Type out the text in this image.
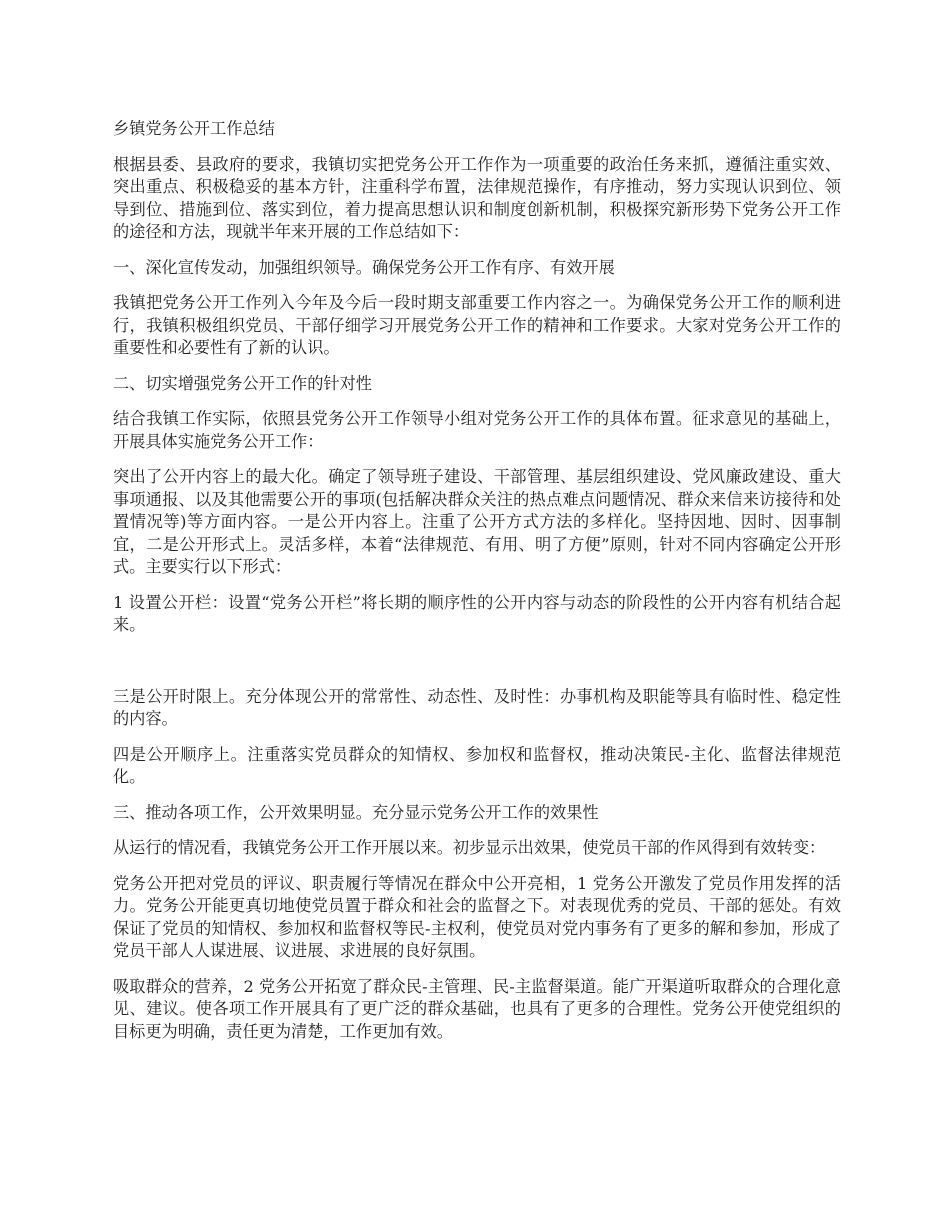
乡镇党务公开工作总结
根据县委、县政府的要求，我镇切实把党务公开工作作为一项重要的政治任务来抓，遵循注重实效、突出重点、积极稳妥的基本方针，注重科学布置，法律规范操作，有序推动，努力实现认识到位、领导到位、措施到位、落实到位，着力提高思想认识和制度创新机制，积极探究新形势下党务公开工作的途径和方法，现就半年来开展的工作总结如下：
一、深化宣传发动，加强组织领导。确保党务公开工作有序、有效开展
我镇把党务公开工作列入今年及今后一段时期支部重要工作内容之一。为确保党务公开工作的顺利进行，我镇积极组织党员、干部仔细学习开展党务公开工作的精神和工作要求。大家对党务公开工作的重要性和必要性有了新的认识。
二、切实增强党务公开工作的针对性
结合我镇工作实际，依照县党务公开工作领导小组对党务公开工作的具体布置。征求意见的基础上，开展具体实施党务公开工作：
突出了公开内容上的最大化。确定了领导班子建设、干部管理、基层组织建设、党风廉政建设、重大事项通报、以及其他需要公开的事项(包括解决群众关注的热点难点问题情况、群众来信来访接待和处置情况等)等方面内容。一是公开内容上。注重了公开方式方法的多样化。坚持因地、因时、因事制宜，二是公开形式上。灵活多样，本着“法律规范、有用、明了方便”原则，针对不同内容确定公开形式。主要实行以下形式：
1 设置公开栏：设置“党务公开栏”将长期的顺序性的公开内容与动态的阶段性的公开内容有机结合起来。
三是公开时限上。充分体现公开的常常性、动态性、及时性：办事机构及职能等具有临时性、稳定性的内容。
四是公开顺序上。注重落实党员群众的知情权、参加权和监督权，推动决策民-主化、监督法律规范化。
三、推动各项工作，公开效果明显。充分显示党务公开工作的效果性
从运行的情况看，我镇党务公开工作开展以来。初步显示出效果，使党员干部的作风得到有效转变：
党务公开把对党员的评议、职责履行等情况在群众中公开亮相，1 党务公开激发了党员作用发挥的活力。党务公开能更真切地使党员置于群众和社会的监督之下。对表现优秀的党员、干部的惩处。有效保证了党员的知情权、参加权和监督权等民-主权利，使党员对党内事务有了更多的解和参加，形成了党员干部人人谋进展、议进展、求进展的良好氛围。
吸取群众的营养，2 党务公开拓宽了群众民-主管理、民-主监督渠道。能广开渠道听取群众的合理化意见、建议。使各项工作开展具有了更广泛的群众基础，也具有了更多的合理性。党务公开使党组织的目标更为明确，责任更为清楚，工作更加有效。
